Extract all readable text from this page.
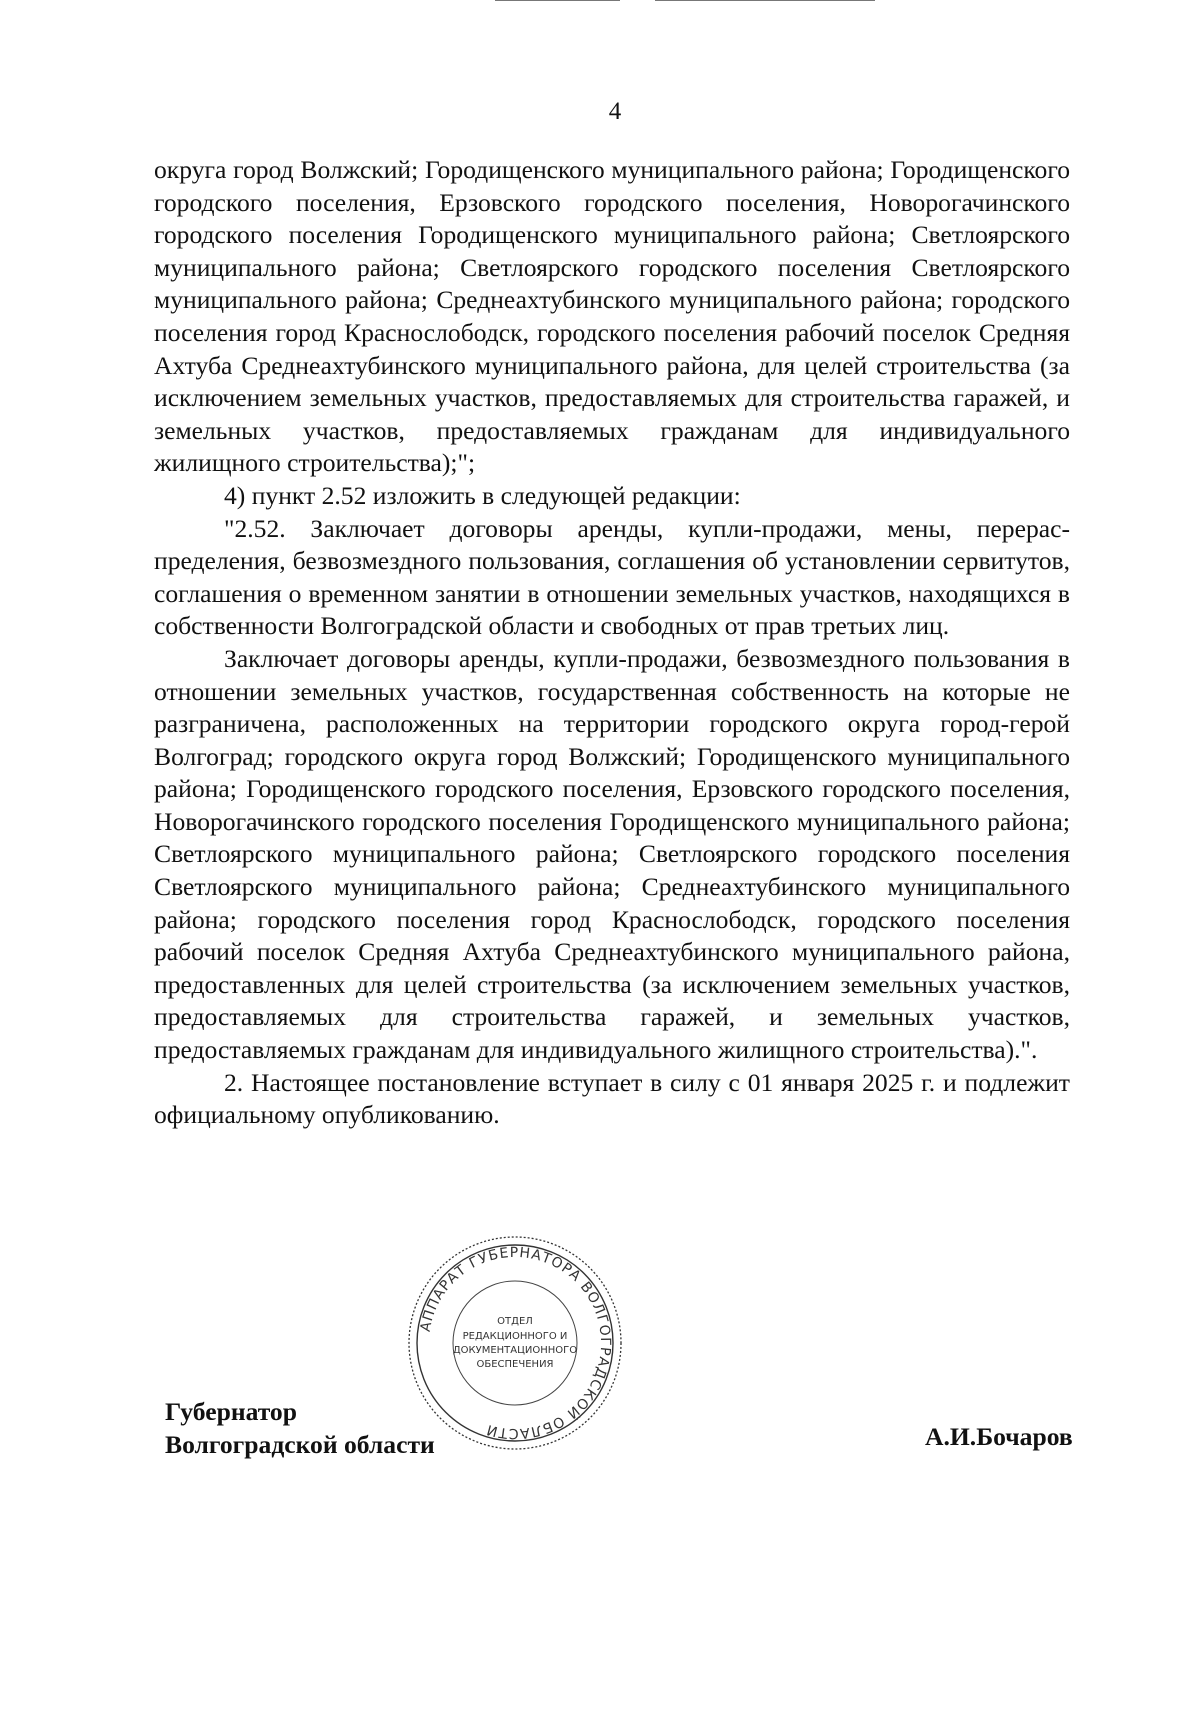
4

округа город Волжский; Городищенского муниципального района; Городищенского городского поселения, Ерзовского городского поселения, Новорогачинского городского поселения Городищенского муниципального района; Светлоярского муниципального района; Светлоярского городского поселения Светлоярского муниципального района; Среднеахтубинского муниципального района; городского поселения город Краснослободск, городского поселения рабочий поселок Средняя Ахтуба Среднеахтубинского муниципального района, для целей строительства (за исключением земельных участков, предоставляемых для строительства гаражей, и земельных участков, предоставляемых гражданам для индивидуального жилищного строительства);";

4) пункт 2.52 изложить в следующей редакции:

"2.52. Заключает договоры аренды, купли-продажи, мены, перераспределения, безвозмездного пользования, соглашения об установлении сервитутов, соглашения о временном занятии в отношении земельных участков, находящихся в собственности Волгоградской области и свободных от прав третьих лиц.

Заключает договоры аренды, купли-продажи, безвозмездного пользования в отношении земельных участков, государственная собственность на которые не разграничена, расположенных на территории городского округа город-герой Волгоград; городского округа город Волжский; Городищенского муниципального района; Городищенского городского поселения, Ерзовского городского поселения, Новорогачинского городского поселения Городищенского муниципального района; Светлоярского муниципального района; Светлоярского городского поселения Светлоярского муниципального района; Среднеахтубинского муниципального района; городского поселения город Краснослободск, городского поселения рабочий поселок Средняя Ахтуба Среднеахтубинского муниципального района, предоставленных для целей строительства (за исключением земельных участков, предоставляемых для строительства гаражей, и земельных участков, предоставляемых гражданам для индивидуального жилищного строительства).".

2. Настоящее постановление вступает в силу с 01 января 2025 г. и подлежит официальному опубликованию.

Губернатор
Волгоградской области	А.И.Бочаров
АППАРАТ ГУБЕРНАТОРА ВОЛГОГРАДСКОЙ ОБЛАСТИ
ОТДЕЛ
РЕДАКЦИОННОГО И
ДОКУМЕНТАЦИОННОГО
ОБЕСПЕЧЕНИЯ
